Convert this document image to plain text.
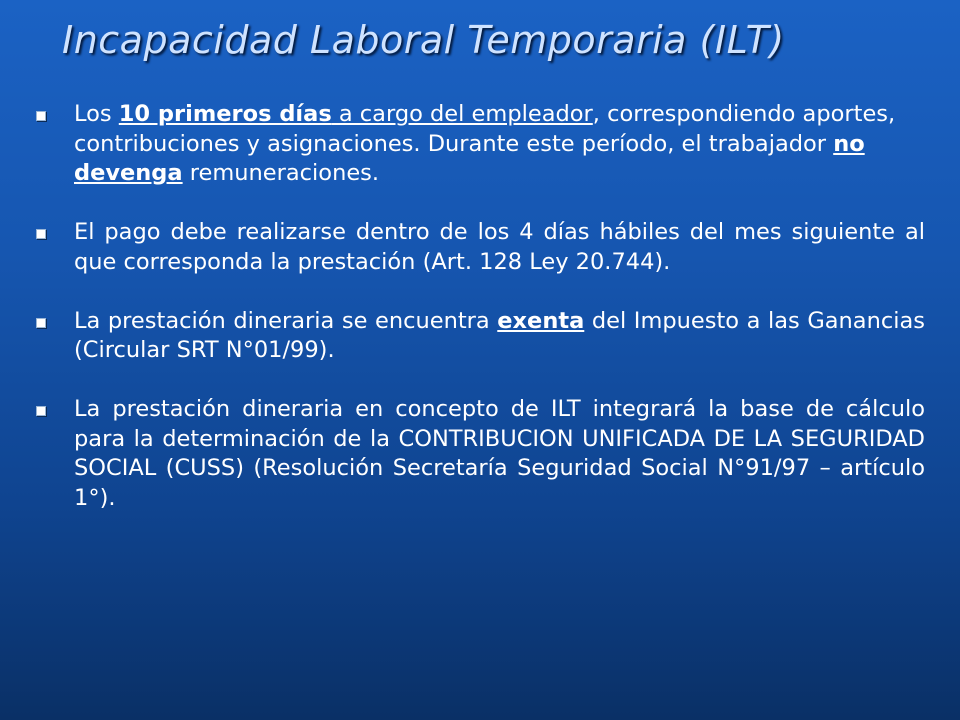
Incapacidad Laboral Temporaria (ILT)
Los 10 primeros días a cargo del empleador, correspondiendo aportes, contribuciones y asignaciones. Durante este período, el trabajador no devenga remuneraciones.
El pago debe realizarse dentro de los 4 días hábiles del mes siguiente al que corresponda la prestación (Art. 128 Ley 20.744).
La prestación dineraria se encuentra exenta del Impuesto a las Ganancias (Circular SRT N°01/99).
La prestación dineraria en concepto de ILT integrará la base de cálculo para la determinación de la CONTRIBUCION UNIFICADA DE LA SEGURIDAD SOCIAL (CUSS) (Resolución Secretaría Seguridad Social N°91/97 – artículo 1°).
